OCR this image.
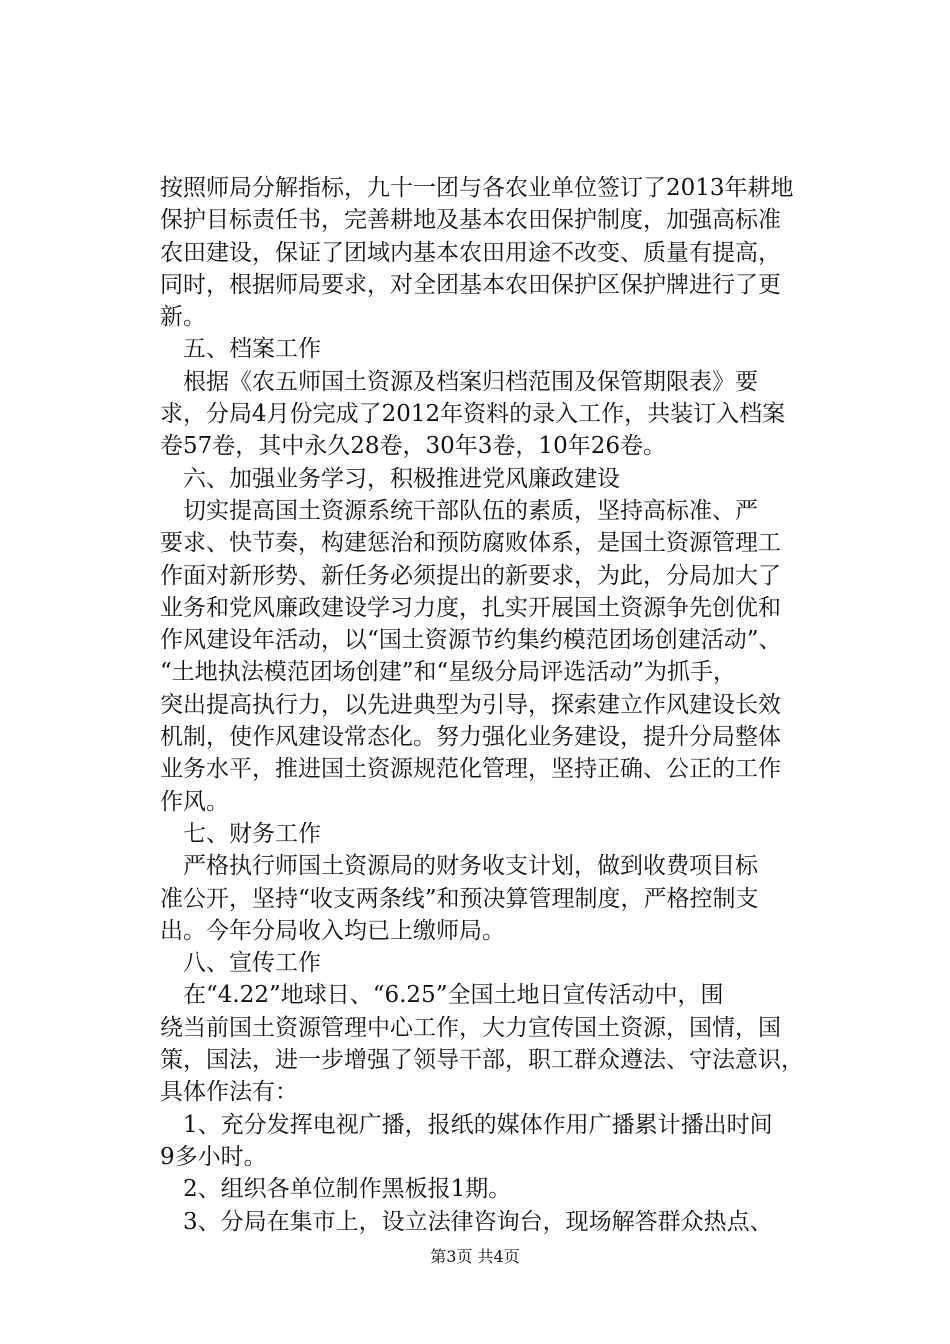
按照师局分解指标，九十一团与各农业单位签订了2013年耕地
保护目标责任书，完善耕地及基本农田保护制度，加强高标准
农田建设，保证了团域内基本农田用途不改变、质量有提高，
同时，根据师局要求，对全团基本农田保护区保护牌进行了更
新。
五、档案工作
根据《农五师国土资源及档案归档范围及保管期限表》要
求，分局4月份完成了2012年资料的录入工作，共装订入档案
卷57卷，其中永久28卷，30年3卷，10年26卷。
六、加强业务学习，积极推进党风廉政建设
切实提高国土资源系统干部队伍的素质，坚持高标准、严
要求、快节奏，构建惩治和预防腐败体系，是国土资源管理工
作面对新形势、新任务必须提出的新要求，为此，分局加大了
业务和党风廉政建设学习力度，扎实开展国土资源争先创优和
作风建设年活动，以“国土资源节约集约模范团场创建活动”、
“土地执法模范团场创建”和“星级分局评选活动”为抓手，
突出提高执行力，以先进典型为引导，探索建立作风建设长效
机制，使作风建设常态化。努力强化业务建设，提升分局整体
业务水平，推进国土资源规范化管理，坚持正确、公正的工作
作风。
七、财务工作
严格执行师国土资源局的财务收支计划，做到收费项目标
准公开，坚持“收支两条线”和预决算管理制度，严格控制支
出。今年分局收入均已上缴师局。
八、宣传工作
在“4.22”地球日、“6.25”全国土地日宣传活动中，围
绕当前国土资源管理中心工作，大力宣传国土资源，国情，国
策，国法，进一步增强了领导干部，职工群众遵法、守法意识，
具体作法有：
1、充分发挥电视广播，报纸的媒体作用广播累计播出时间
9多小时。
2、组织各单位制作黑板报1期。
3、分局在集市上，设立法律咨询台，现场解答群众热点、
第3页 共4页
